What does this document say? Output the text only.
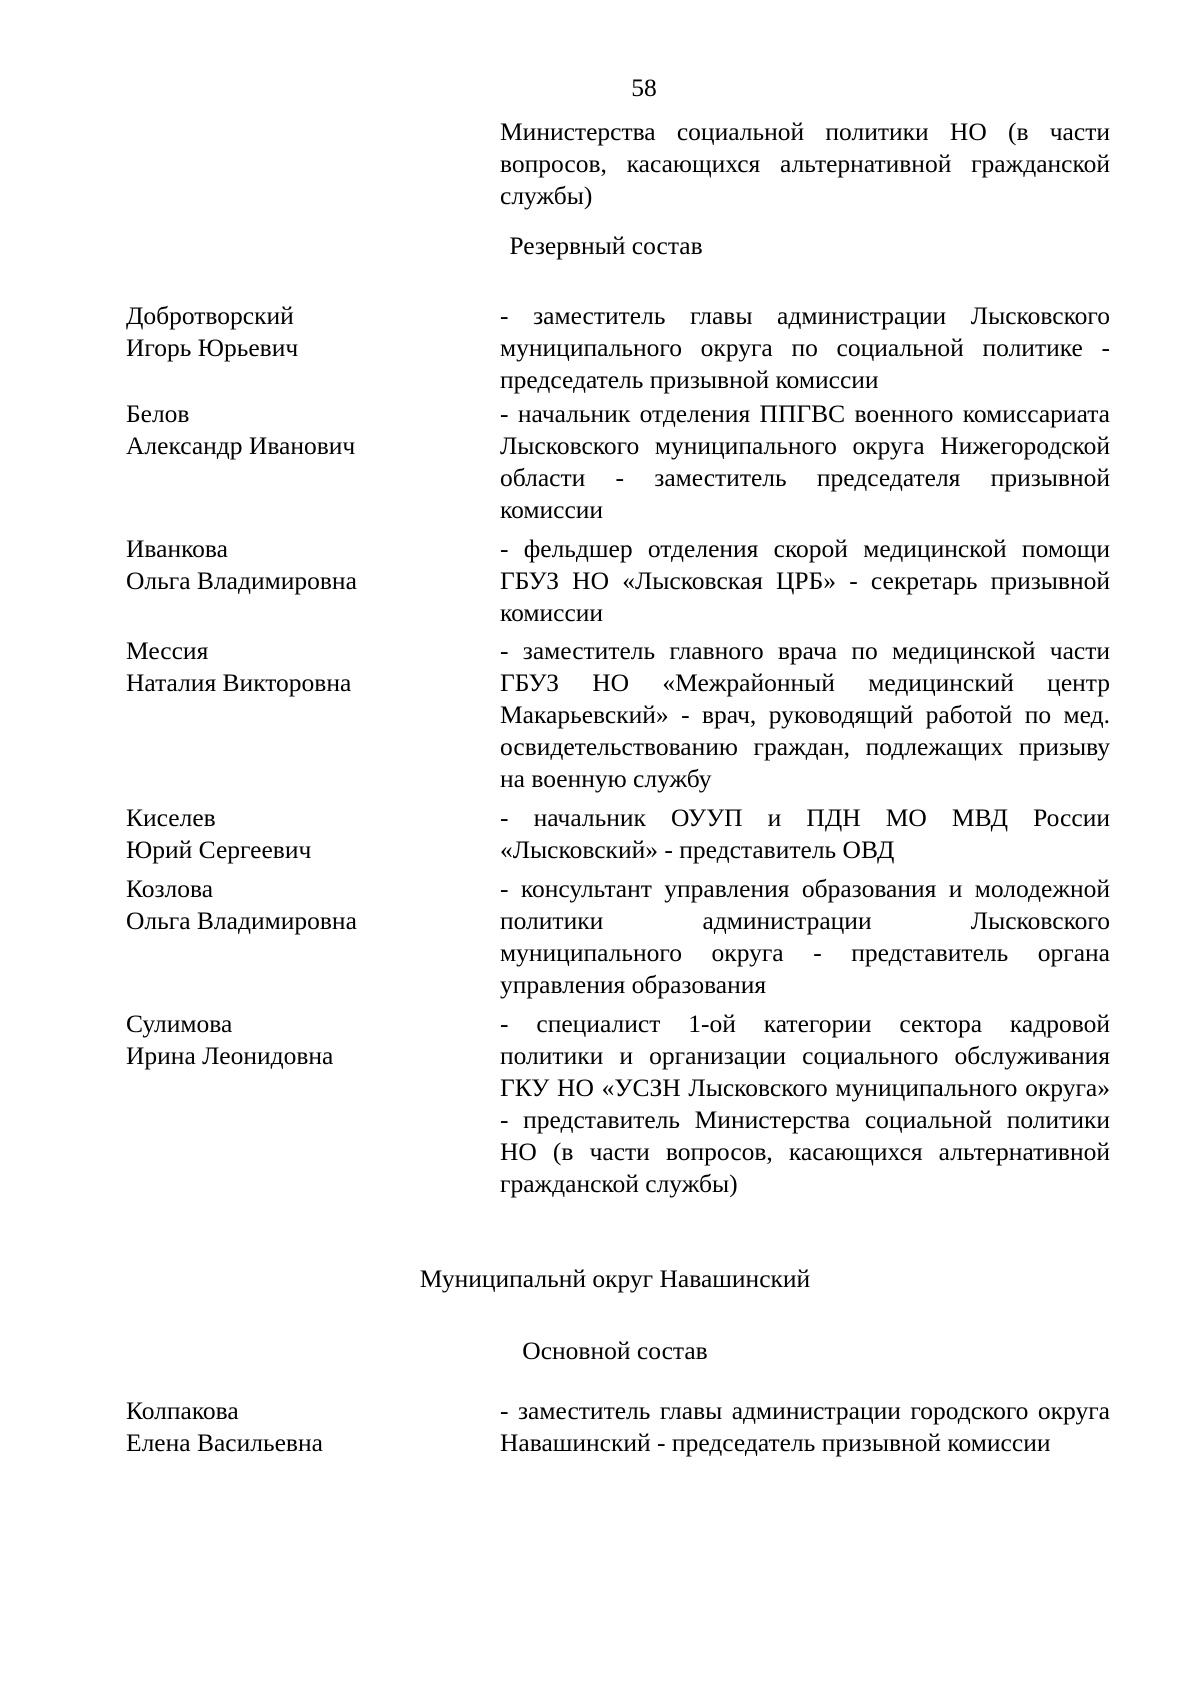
58
Министерства социальной политики НО (в части вопросов, касающихся альтернативной гражданской службы)
Резервный состав
Добротворский
Игорь Юрьевич
- заместитель главы администрации Лысковского муниципального округа по социальной политике - председатель призывной комиссии
Белов
Александр Иванович
- начальник отделения ППГВС военного комиссариата Лысковского муниципального округа Нижегородской области - заместитель председателя призывной комиссии
Иванкова
Ольга Владимировна
- фельдшер отделения скорой медицинской помощи ГБУЗ НО «Лысковская ЦРБ» - секретарь призывной комиссии
Мессия
Наталия Викторовна
- заместитель главного врача по медицинской части ГБУЗ НО «Межрайонный медицинский центр Макарьевский» - врач, руководящий работой по мед. освидетельствованию граждан, подлежащих призыву на военную службу
Киселев
Юрий Сергеевич
- начальник ОУУП и ПДН МО МВД России «Лысковский» - представитель ОВД
Козлова
Ольга Владимировна
- консультант управления образования и молодежной политики администрации Лысковского муниципального округа - представитель органа управления образования
Сулимова
Ирина Леонидовна
- специалист 1-ой категории сектора кадровой политики и организации социального обслуживания ГКУ НО «УСЗН Лысковского муниципального округа» - представитель Министерства социальной политики НО (в части вопросов, касающихся альтернативной гражданской службы)
Муниципальнй округ Навашинский
Основной состав
Колпакова
Елена Васильевна
- заместитель главы администрации городского округа Навашинский - председатель призывной комиссии
